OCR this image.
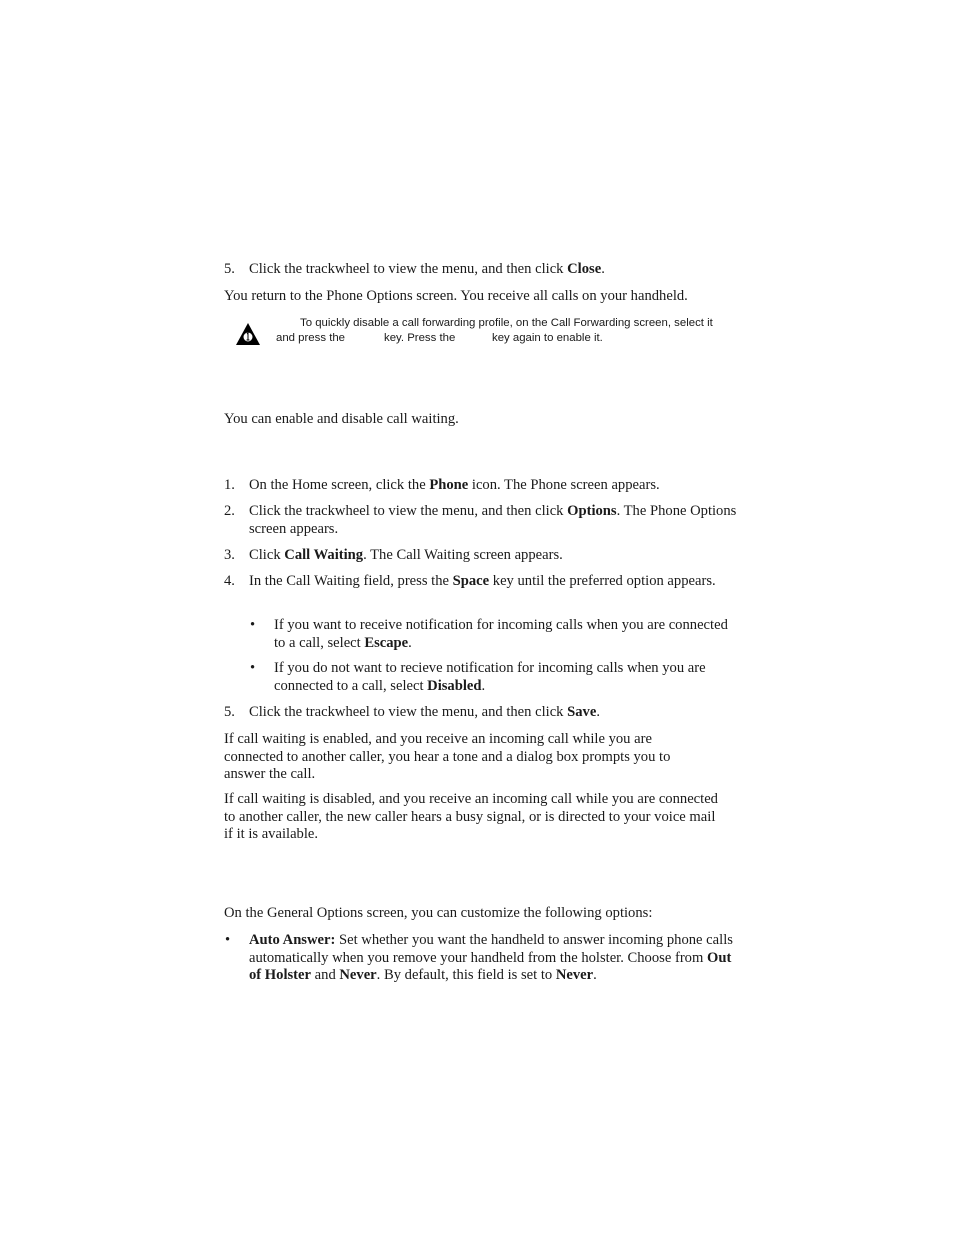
5. Click the trackwheel to view the menu, and then click Close.
You return to the Phone Options screen. You receive all calls on your handheld.
To quickly disable a call forwarding profile, on the Call Forwarding screen, select it
and press the	key. Press the	key again to enable it.
You can enable and disable call waiting.
1. On the Home screen, click the Phone icon. The Phone screen appears.
2. Click the trackwheel to view the menu, and then click Options. The Phone Options screen appears.
3. Click Call Waiting. The Call Waiting screen appears.
4. In the Call Waiting field, press the Space key until the preferred option appears.
• If you want to receive notification for incoming calls when you are connected to a call, select Escape.
• If you do not want to recieve notification for incoming calls when you are connected to a call, select Disabled.
5. Click the trackwheel to view the menu, and then click Save.
If call waiting is enabled, and you receive an incoming call while you are connected to another caller, you hear a tone and a dialog box prompts you to answer the call.
If call waiting is disabled, and you receive an incoming call while you are connected to another caller, the new caller hears a busy signal, or is directed to your voice mail if it is available.
On the General Options screen, you can customize the following options:
• Auto Answer: Set whether you want the handheld to answer incoming phone calls automatically when you remove your handheld from the holster. Choose from Out of Holster and Never. By default, this field is set to Never.
